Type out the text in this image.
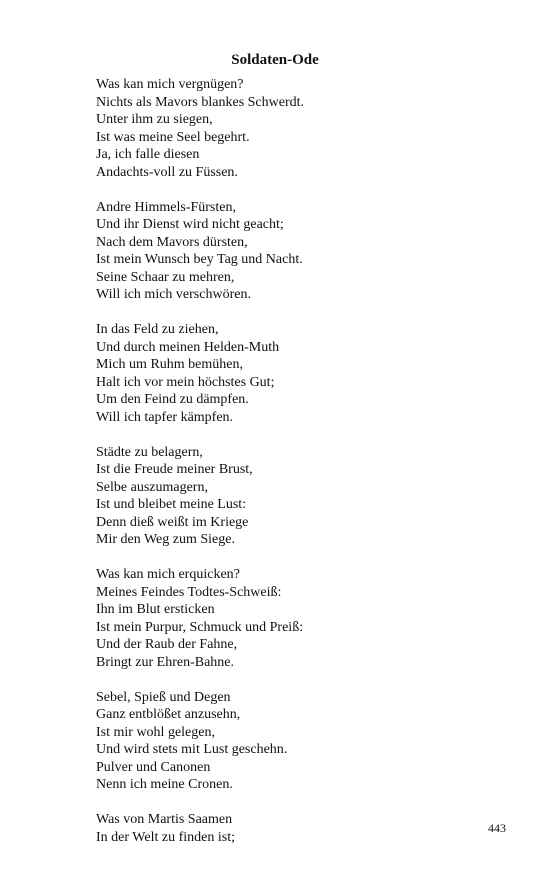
Soldaten-Ode
Was kan mich vergnügen?
Nichts als Mavors blankes Schwerdt.
Unter ihm zu siegen,
Ist was meine Seel begehrt.
Ja, ich falle diesen
Andachts-voll zu Füssen.
Andre Himmels-Fürsten,
Und ihr Dienst wird nicht geacht;
Nach dem Mavors dürsten,
Ist mein Wunsch bey Tag und Nacht.
Seine Schaar zu mehren,
Will ich mich verschwören.
In das Feld zu ziehen,
Und durch meinen Helden-Muth
Mich um Ruhm bemühen,
Halt ich vor mein höchstes Gut;
Um den Feind zu dämpfen.
Will ich tapfer kämpfen.
Städte zu belagern,
Ist die Freude meiner Brust,
Selbe auszumagern,
Ist und bleibet meine Lust:
Denn dieß weißt im Kriege
Mir den Weg zum Siege.
Was kan mich erquicken?
Meines Feindes Todtes-Schweiß:
Ihn im Blut ersticken
Ist mein Purpur, Schmuck und Preiß:
Und der Raub der Fahne,
Bringt zur Ehren-Bahne.
Sebel, Spieß und Degen
Ganz entblößet anzusehn,
Ist mir wohl gelegen,
Und wird stets mit Lust geschehn.
Pulver und Canonen
Nenn ich meine Cronen.
Was von Martis Saamen
In der Welt zu finden ist;
443
